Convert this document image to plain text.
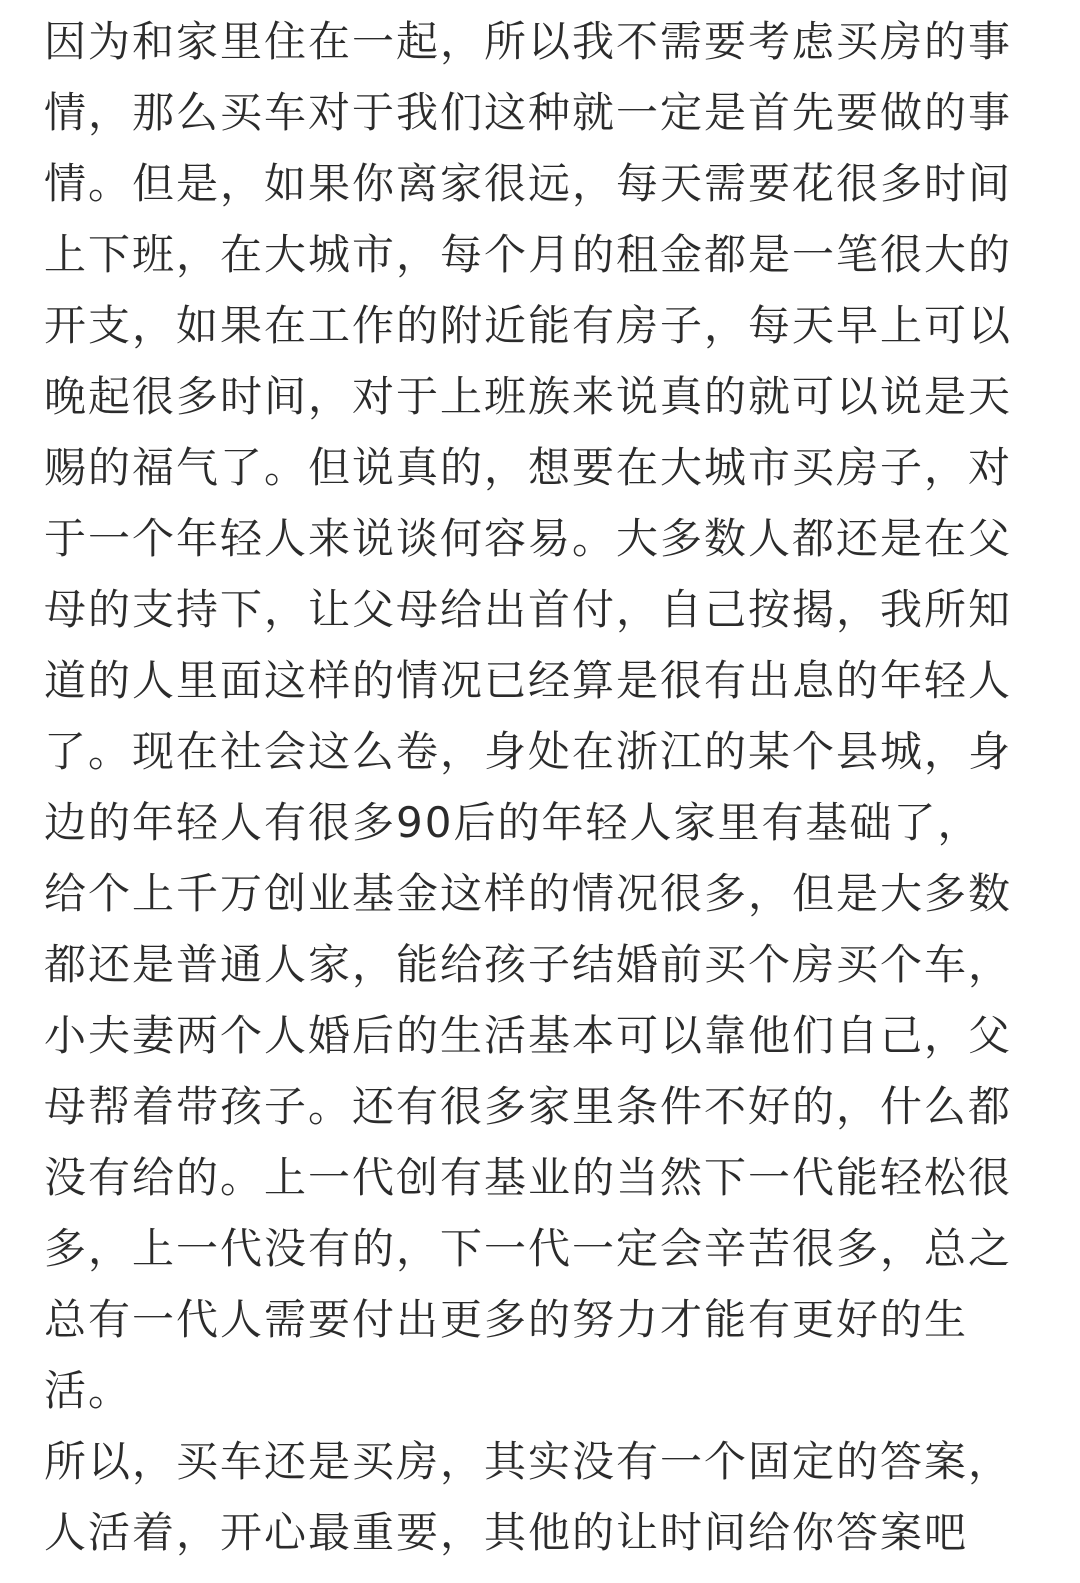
因为和家里住在一起，所以我不需要考虑买房的事
情，那么买车对于我们这种就一定是首先要做的事
情。但是，如果你离家很远，每天需要花很多时间
上下班，在大城市，每个月的租金都是一笔很大的
开支，如果在工作的附近能有房子，每天早上可以
晚起很多时间，对于上班族来说真的就可以说是天
赐的福气了。但说真的，想要在大城市买房子，对
于一个年轻人来说谈何容易。大多数人都还是在父
母的支持下，让父母给出首付，自己按揭，我所知
道的人里面这样的情况已经算是很有出息的年轻人
了。现在社会这么卷，身处在浙江的某个县城，身
边的年轻人有很多90后的年轻人家里有基础了，
给个上千万创业基金这样的情况很多，但是大多数
都还是普通人家，能给孩子结婚前买个房买个车，
小夫妻两个人婚后的生活基本可以靠他们自己，父
母帮着带孩子。还有很多家里条件不好的，什么都
没有给的。上一代创有基业的当然下一代能轻松很
多，上一代没有的，下一代一定会辛苦很多，总之
总有一代人需要付出更多的努力才能有更好的生
活。
所以，买车还是买房，其实没有一个固定的答案，
人活着，开心最重要，其他的让时间给你答案吧
